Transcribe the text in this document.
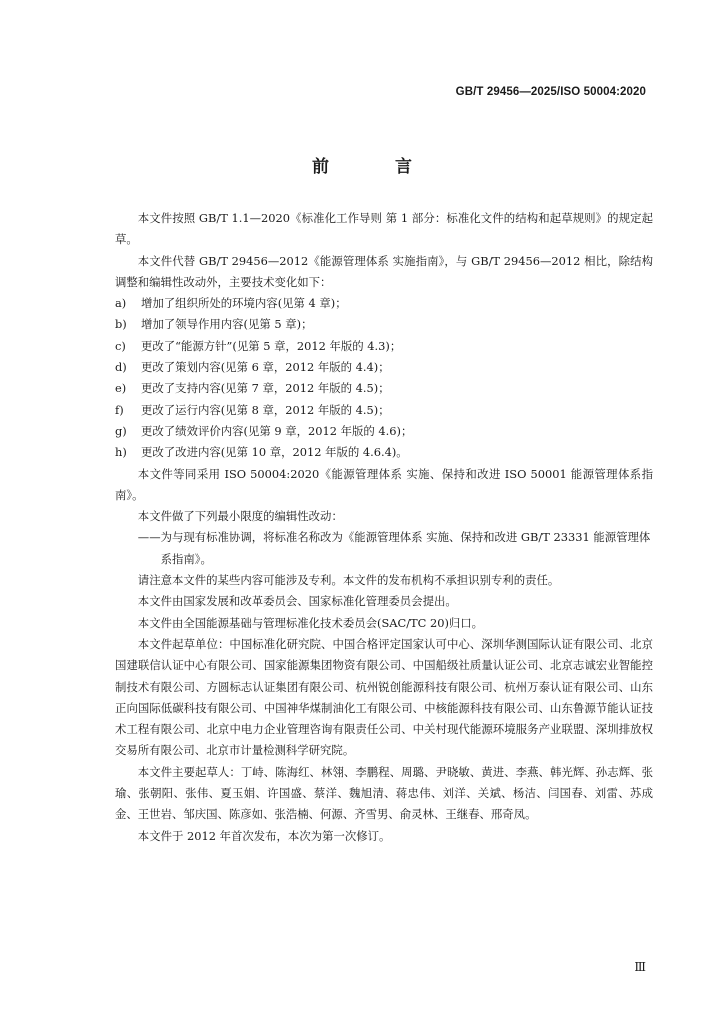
GB/T 29456—2025/ISO 50004:2020
前 言

本文件按照 GB/T 1.1—2020《标准化工作导则 第 1 部分：标准化文件的结构和起草规则》的规定起草。

本文件代替 GB/T 29456—2012《能源管理体系 实施指南》，与 GB/T 29456—2012 相比，除结构调整和编辑性改动外，主要技术变化如下：

a) 增加了组织所处的环境内容(见第 4 章)；

b) 增加了领导作用内容(见第 5 章)；

c) 更改了“能源方针”(见第 5 章，2012 年版的 4.3)；

d) 更改了策划内容(见第 6 章，2012 年版的 4.4)；

e) 更改了支持内容(见第 7 章，2012 年版的 4.5)；

f) 更改了运行内容(见第 8 章，2012 年版的 4.5)；

g) 更改了绩效评价内容(见第 9 章，2012 年版的 4.6)；

h) 更改了改进内容(见第 10 章，2012 年版的 4.6.4)。

本文件等同采用 ISO 50004:2020《能源管理体系 实施、保持和改进 ISO 50001 能源管理体系指南》。

本文件做了下列最小限度的编辑性改动：

——为与现有标准协调，将标准名称改为《能源管理体系 实施、保持和改进 GB/T 23331 能源管理体系指南》。

请注意本文件的某些内容可能涉及专利。本文件的发布机构不承担识别专利的责任。

本文件由国家发展和改革委员会、国家标准化管理委员会提出。

本文件由全国能源基础与管理标准化技术委员会(SAC/TC 20)归口。

本文件起草单位：中国标准化研究院、中国合格评定国家认可中心、深圳华测国际认证有限公司、北京国建联信认证中心有限公司、国家能源集团物资有限公司、中国船级社质量认证公司、北京志诚宏业智能控制技术有限公司、方圆标志认证集团有限公司、杭州锐创能源科技有限公司、杭州万泰认证有限公司、山东正向国际低碳科技有限公司、中国神华煤制油化工有限公司、中核能源科技有限公司、山东鲁源节能认证技术工程有限公司、北京中电力企业管理咨询有限责任公司、中关村现代能源环境服务产业联盟、深圳排放权交易所有限公司、北京市计量检测科学研究院。

本文件主要起草人：丁峙、陈海红、林翎、李鹏程、周璐、尹晓敏、黄进、李燕、韩光辉、孙志辉、张瑜、张朝阳、张伟、夏玉娟、许国盛、蔡洋、魏旭清、蒋忠伟、刘洋、关斌、杨洁、闫国春、刘雷、苏成金、王世岩、邹庆国、陈彦如、张浩楠、何源、齐雪男、俞灵林、王继春、邢奇凤。

本文件于 2012 年首次发布，本次为第一次修订。

Ⅲ
